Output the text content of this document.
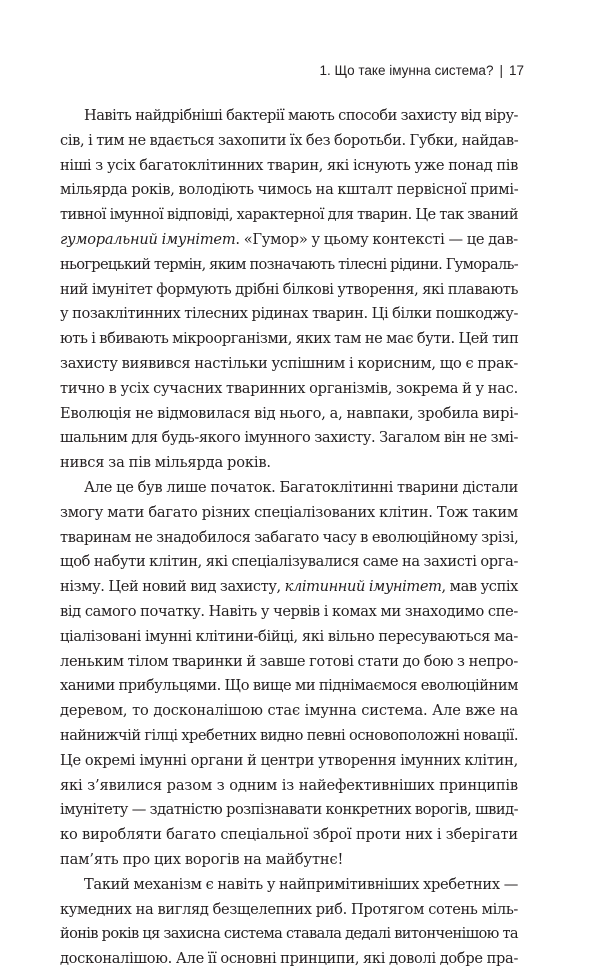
1. Що таке імунна система? | 17
Навіть найдрібніші бактерії мають способи захисту від віру-
сів, і тим не вдається захопити їх без боротьби. Губки, найдав-
ніші з усіх багатоклітинних тварин, які існують уже понад пів
мільярда років, володіють чимось на кшталт первісної примі-
тивної імунної відповіді, характерної для тварин. Це так званий
гуморальний імунітет. «Гумор» у цьому контексті — це дав-
ньогрецький термін, яким позначають тілесні рідини. Гумораль-
ний імунітет формують дрібні білкові утворення, які плавають
у позаклітинних тілесних рідинах тварин. Ці білки пошкоджу-
ють і вбивають мікроорганізми, яких там не має бути. Цей тип
захисту виявився настільки успішним і корисним, що є прак-
тично в усіх сучасних тваринних організмів, зокрема й у нас.
Еволюція не відмовилася від нього, а, навпаки, зробила вирі-
шальним для будь-якого імунного захисту. Загалом він не змі-
нився за пів мільярда років.
Але це був лише початок. Багатоклітинні тварини дістали
змогу мати багато різних спеціалізованих клітин. Тож таким
тваринам не знадобилося забагато часу в еволюційному зрізі,
щоб набути клітин, які спеціалізувалися саме на захисті орга-
нізму. Цей новий вид захисту, клітинний імунітет, мав успіх
від самого початку. Навіть у червів і комах ми знаходимо спе-
ціалізовані імунні клітини-бійці, які вільно пересуваються ма-
леньким тілом тваринки й завше готові стати до бою з непро-
ханими прибульцями. Що вище ми піднімаємося еволюційним
деревом, то досконалішою стає імунна система. Але вже на
найнижчій гілці хребетних видно певні основоположні новації.
Це окремі імунні органи й центри утворення імунних клітин,
які з’явилися разом з одним із найефективніших принципів
імунітету — здатністю розпізнавати конкретних ворогів, швид-
ко виробляти багато спеціальної зброї проти них і зберігати
пам’ять про цих ворогів на майбутнє!
Такий механізм є навіть у найпримітивніших хребетних —
кумедних на вигляд безщелепних риб. Протягом сотень міль-
йонів років ця захисна система ставала дедалі витонченішою та
досконалішою. Але її основні принципи, які доволі добре пра-
